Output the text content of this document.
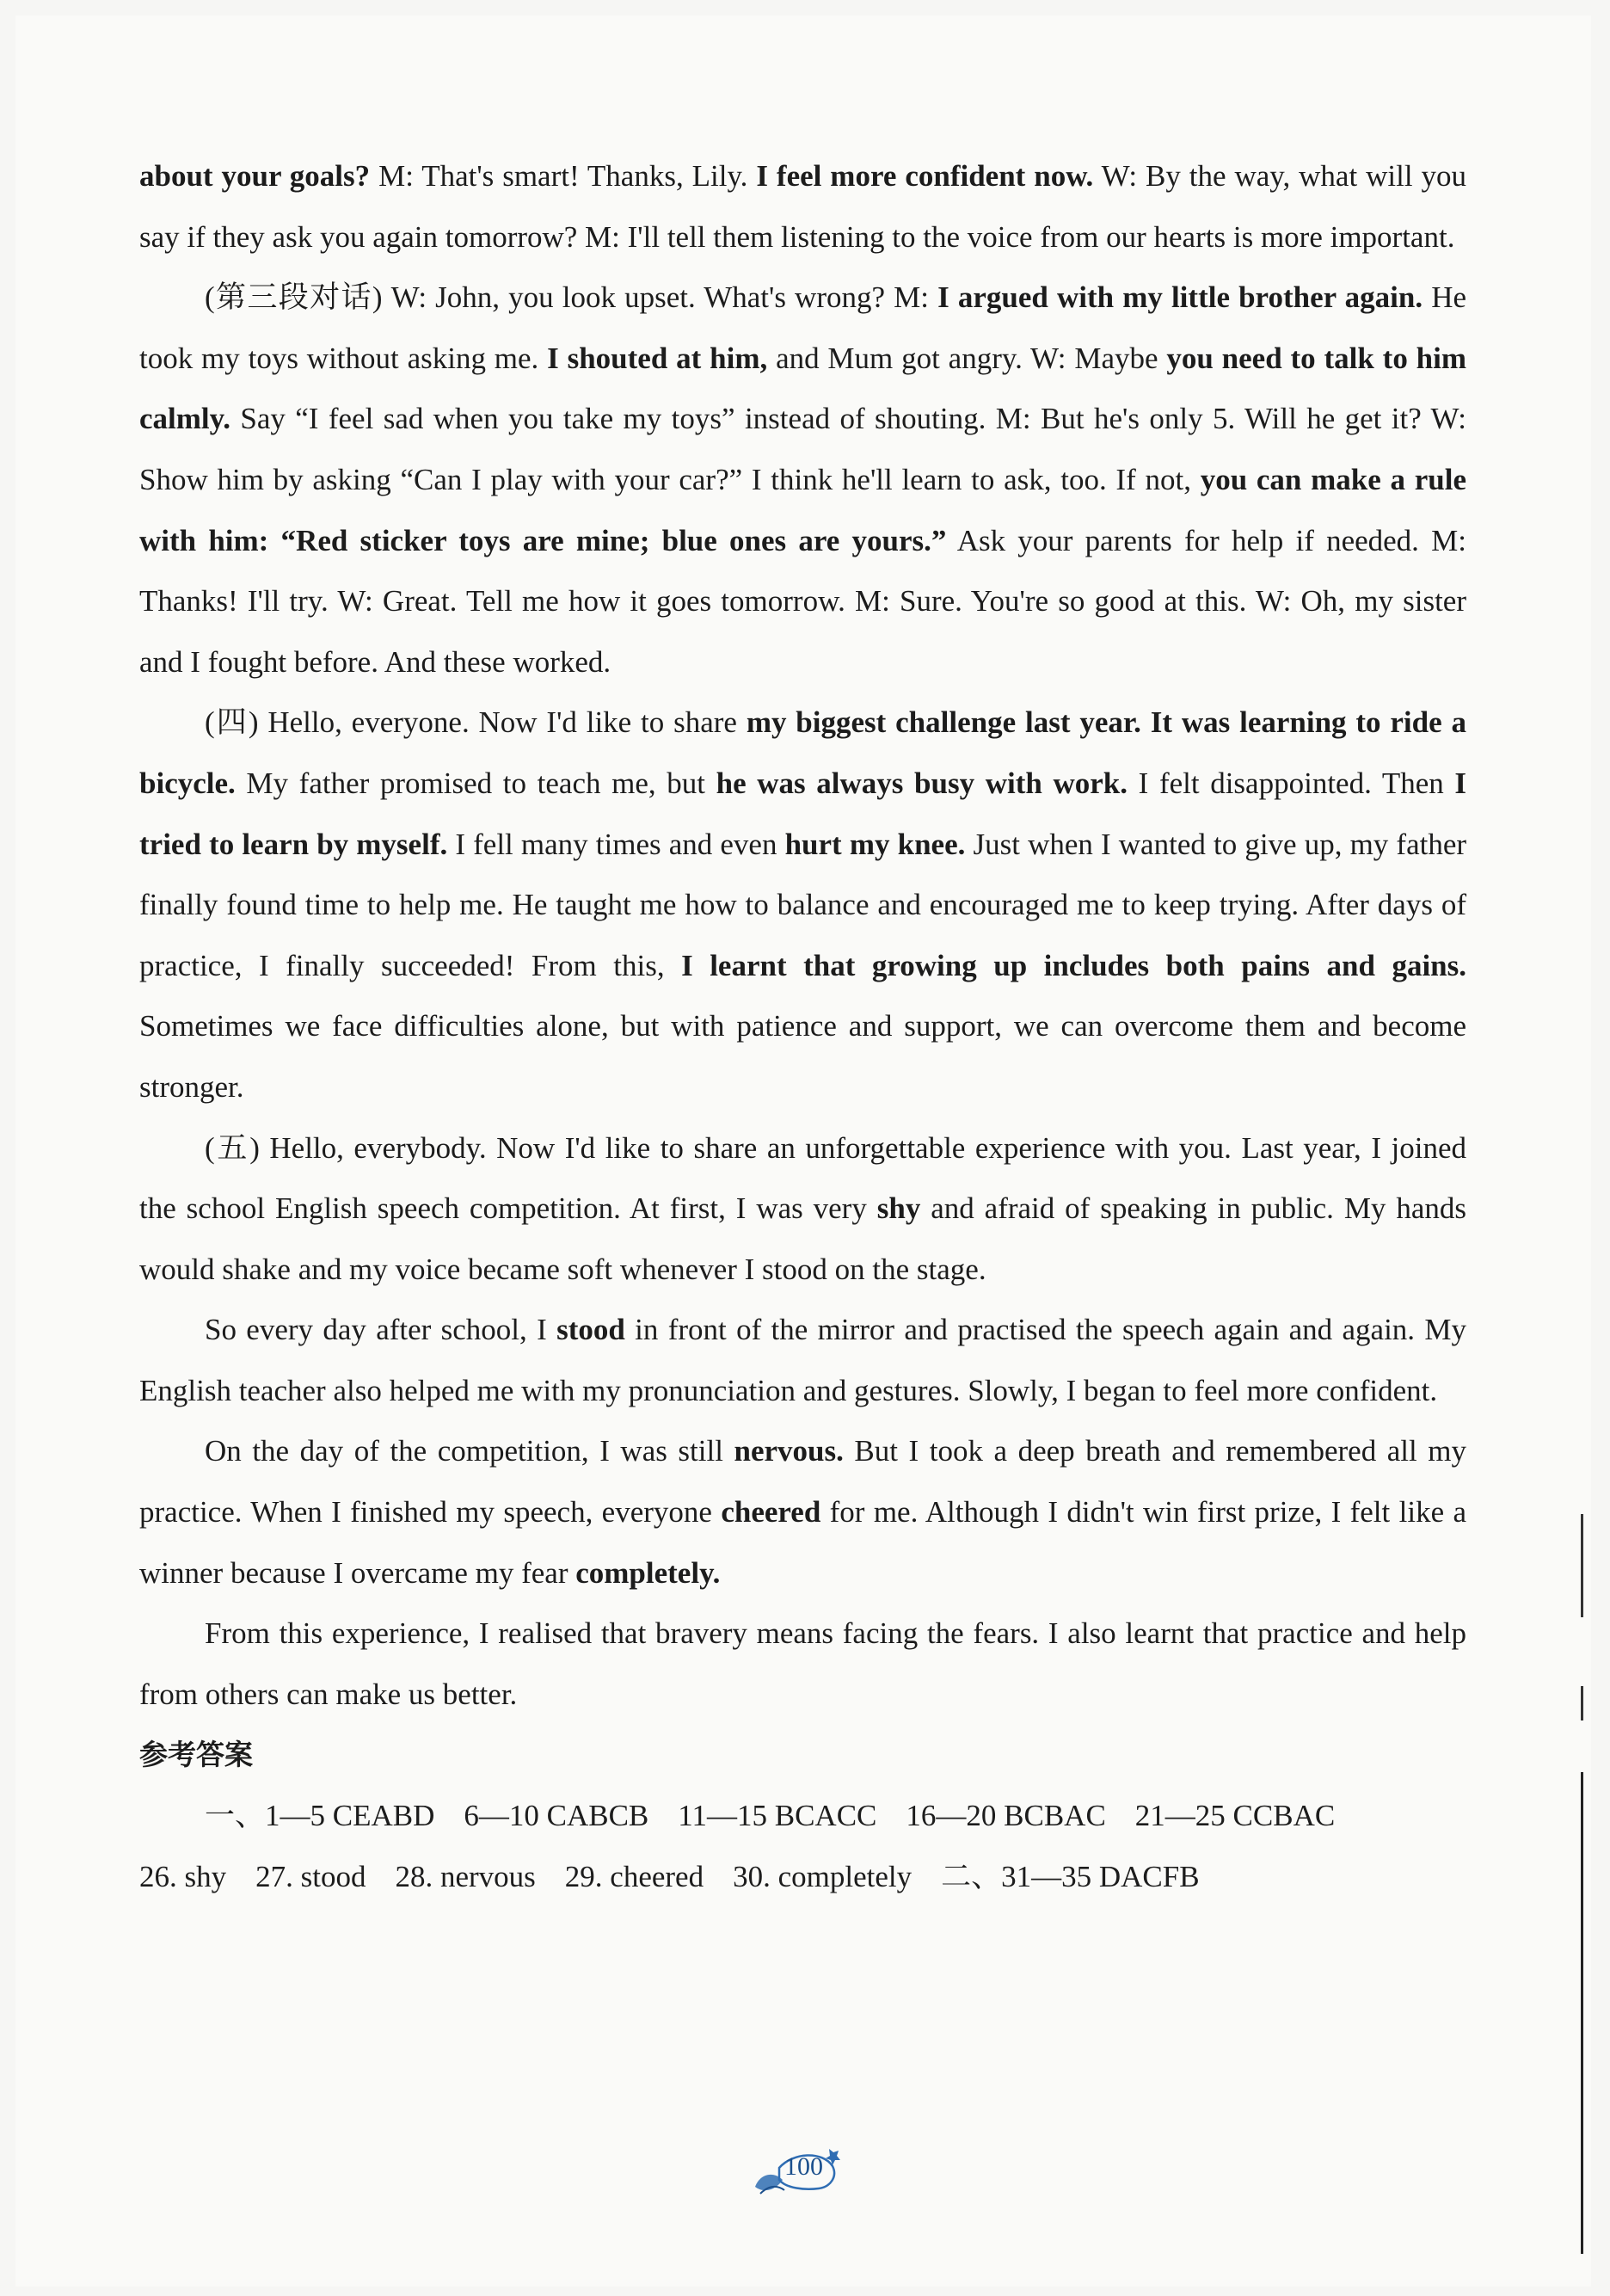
about your goals? M: That's smart! Thanks, Lily. I feel more confident now. W: By the way, what will you say if they ask you again tomorrow? M: I'll tell them listening to the voice from our hearts is more important.

(第三段对话) W: John, you look upset. What's wrong? M: I argued with my little brother again. He took my toys without asking me. I shouted at him, and Mum got angry. W: Maybe you need to talk to him calmly. Say “I feel sad when you take my toys” instead of shouting. M: But he's only 5. Will he get it? W: Show him by asking “Can I play with your car?” I think he'll learn to ask, too. If not, you can make a rule with him: “Red sticker toys are mine; blue ones are yours.” Ask your parents for help if needed. M: Thanks! I'll try. W: Great. Tell me how it goes tomorrow. M: Sure. You're so good at this. W: Oh, my sister and I fought before. And these worked.

(四) Hello, everyone. Now I'd like to share my biggest challenge last year. It was learning to ride a bicycle. My father promised to teach me, but he was always busy with work. I felt disappointed. Then I tried to learn by myself. I fell many times and even hurt my knee. Just when I wanted to give up, my father finally found time to help me. He taught me how to balance and encouraged me to keep trying. After days of practice, I finally succeeded! From this, I learnt that growing up includes both pains and gains. Sometimes we face difficulties alone, but with patience and support, we can overcome them and become stronger.

(五) Hello, everybody. Now I'd like to share an unforgettable experience with you. Last year, I joined the school English speech competition. At first, I was very shy and afraid of speaking in public. My hands would shake and my voice became soft whenever I stood on the stage.

So every day after school, I stood in front of the mirror and practised the speech again and again. My English teacher also helped me with my pronunciation and gestures. Slowly, I began to feel more confident.

On the day of the competition, I was still nervous. But I took a deep breath and remembered all my practice. When I finished my speech, everyone cheered for me. Although I didn't win first prize, I felt like a winner because I overcame my fear completely.

From this experience, I realised that bravery means facing the fears. I also learnt that practice and help from others can make us better.

参考答案

一、1—5 CEABD 6—10 CABCB 11—15 BCACC 16—20 BCBAC 21—25 CCBAC

26. shy 27. stood 28. nervous 29. cheered 30. completely 二、31—35 DACFB

100
